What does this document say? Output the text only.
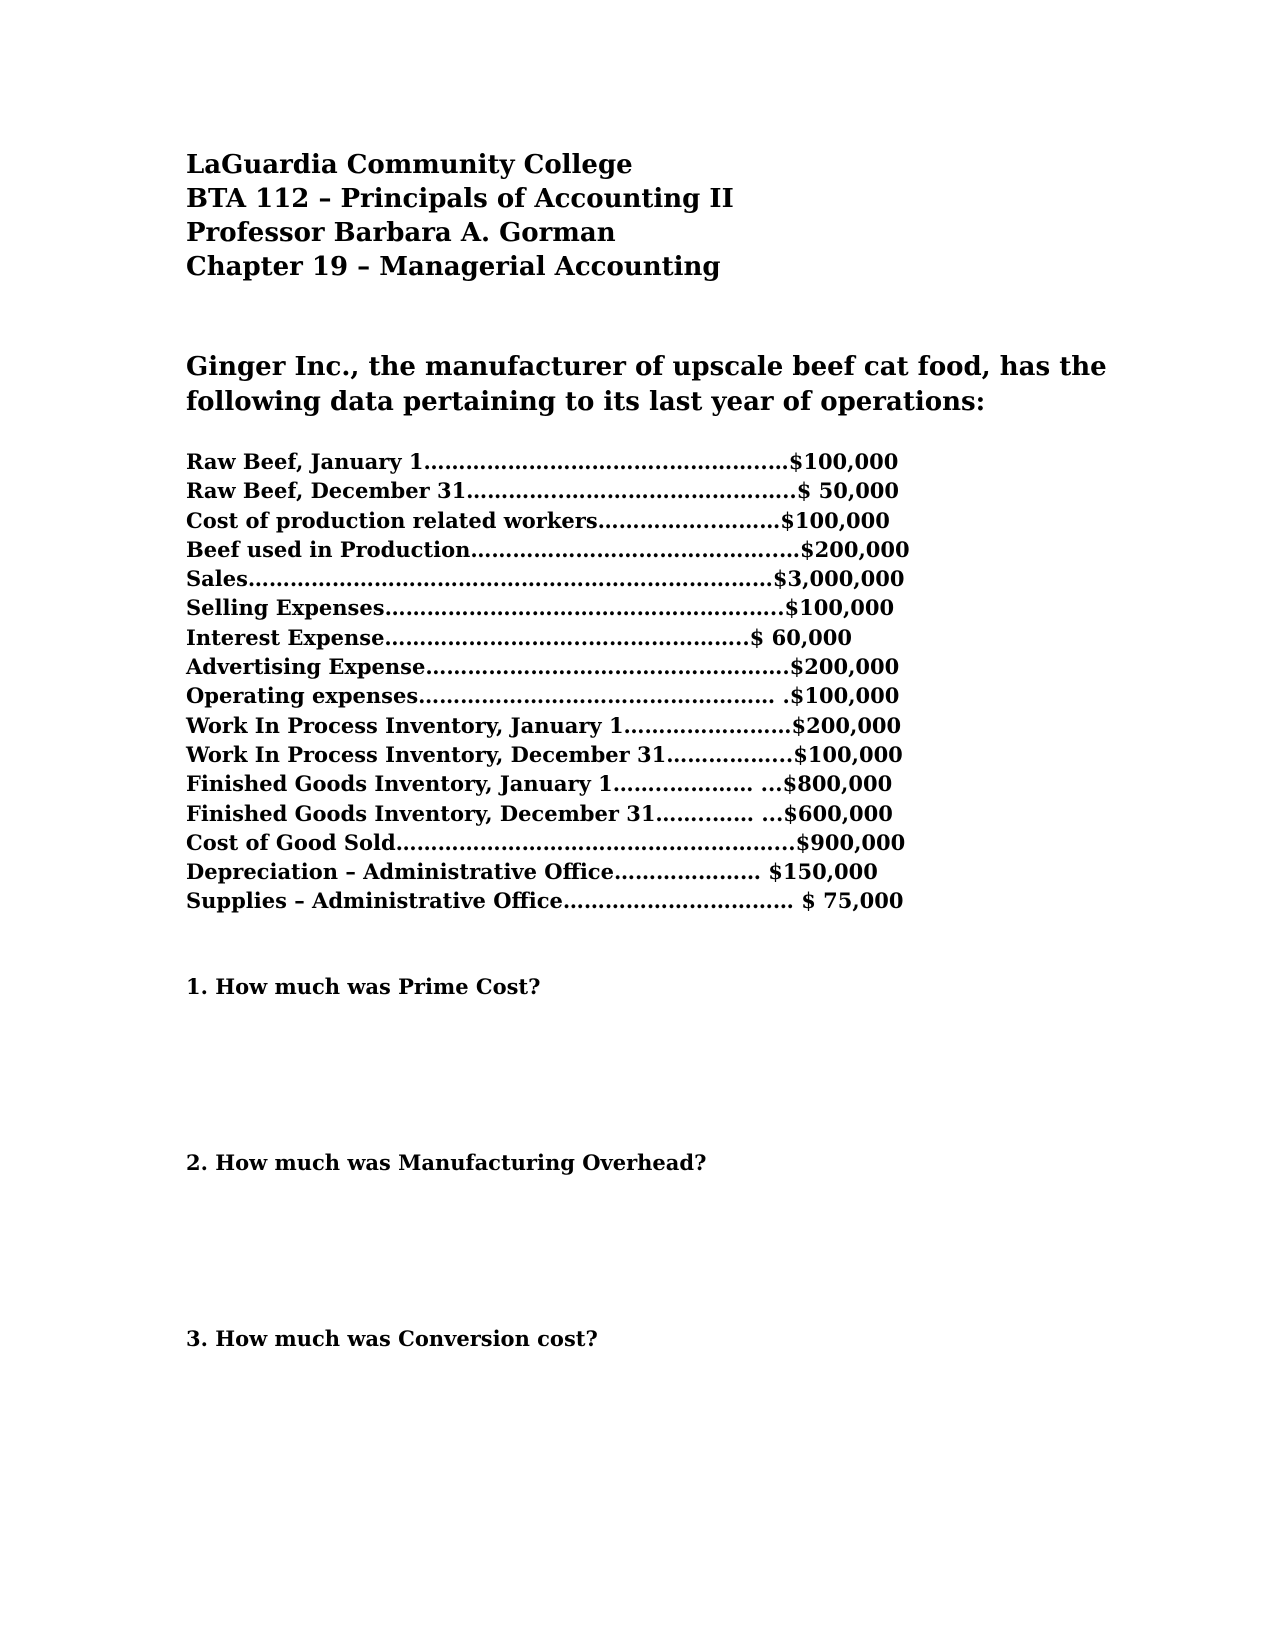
LaGuardia Community College
BTA 112 – Principals of Accounting II
Professor Barbara A. Gorman
Chapter 19 – Managerial Accounting
Ginger Inc., the manufacturer of upscale beef cat food, has the
following data pertaining to its last year of operations:
Raw Beef, January 1……………………………..…………..…$100,000
Raw Beef, December 31…………..……………………….…..$ 50,000
Cost of production related workers……………..………$100,000
Beef used in Production……………………………………..…$200,000
Sales…………………………………………………………………$3,000,000
Selling Expenses…………………………………………….…..$100,000
Interest Expense………………………..…………………..$ 60,000
Advertising Expense…………………………………………….$200,000
Operating expenses…………………………………………… .$100,000
Work In Process Inventory, January 1……………………$200,000
Work In Process Inventory, December 31……………...$100,000
Finished Goods Inventory, January 1……..………… ...$800,000
Finished Goods Inventory, December 31……..…… ...$600,000
Cost of Good Sold………………………………………………...$900,000
Depreciation – Administrative Office………………… $150,000
Supplies – Administrative Office…………………………… $ 75,000

1. How much was Prime Cost?

2. How much was Manufacturing Overhead?

3. How much was Conversion cost?
